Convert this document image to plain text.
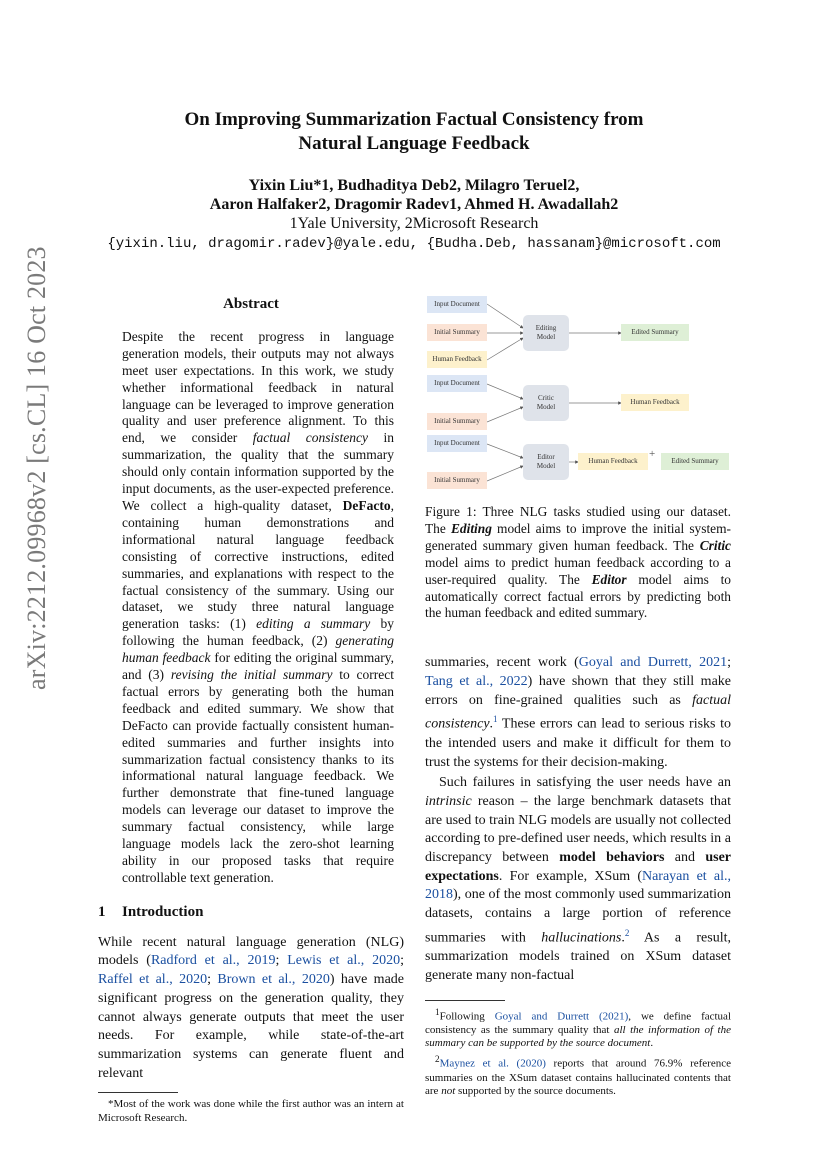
arXiv:2212.09968v2 [cs.CL] 16 Oct 2023
On Improving Summarization Factual Consistency from
Natural Language Feedback
Yixin Liu*1, Budhaditya Deb2, Milagro Teruel2,
Aaron Halfaker2, Dragomir Radev1, Ahmed H. Awadallah2
1Yale University, 2Microsoft Research
{yixin.liu, dragomir.radev}@yale.edu, {Budha.Deb, hassanam}@microsoft.com
Abstract
Despite the recent progress in language generation models, their outputs may not always meet user expectations. In this work, we study whether informational feedback in natural language can be leveraged to improve generation quality and user preference alignment. To this end, we consider factual consistency in summarization, the quality that the summary should only contain information supported by the input documents, as the user-expected preference. We collect a high-quality dataset, DeFacto, containing human demonstrations and informational natural language feedback consisting of corrective instructions, edited summaries, and explanations with respect to the factual consistency of the summary. Using our dataset, we study three natural language generation tasks: (1) editing a summary by following the human feedback, (2) generating human feedback for editing the original summary, and (3) revising the initial summary to correct factual errors by generating both the human feedback and edited summary. We show that DeFacto can provide factually consistent human-edited summaries and further insights into summarization factual consistency thanks to its informational natural language feedback. We further demonstrate that fine-tuned language models can leverage our dataset to improve the summary factual consistency, while large language models lack the zero-shot learning ability in our proposed tasks that require controllable text generation.
1 Introduction
While recent natural language generation (NLG) models (Radford et al., 2019; Lewis et al., 2020; Raffel et al., 2020; Brown et al., 2020) have made significant progress on the generation quality, they cannot always generate outputs that meet the user needs. For example, while state-of-the-art summarization systems can generate fluent and relevant
*Most of the work was done while the first author was an intern at Microsoft Research.
Input Document
Initial Summary
Human Feedback
Editing
Model
Edited Summary
Input Document
Initial Summary
Critic
Model
Human Feedback
Input Document
Initial Summary
Editor
Model
Human Feedback
+
Edited Summary
Figure 1: Three NLG tasks studied using our dataset. The Editing model aims to improve the initial system-generated summary given human feedback. The Critic model aims to predict human feedback according to a user-required quality. The Editor model aims to automatically correct factual errors by predicting both the human feedback and edited summary.
summaries, recent work (Goyal and Durrett, 2021; Tang et al., 2022) have shown that they still make errors on fine-grained qualities such as factual consistency.$^1$ These errors can lead to serious risks to the intended users and make it difficult for them to trust the systems for their decision-making.
Such failures in satisfying the user needs have an intrinsic reason – the large benchmark datasets that are used to train NLG models are usually not collected according to pre-defined user needs, which results in a discrepancy between model behaviors and user expectations. For example, XSum (Narayan et al., 2018), one of the most commonly used summarization datasets, contains a large portion of reference summaries with hallucinations.$^2$ As a result, summarization models trained on XSum dataset generate many non-factual
$^1$Following Goyal and Durrett (2021), we define factual consistency as the summary quality that all the information of the summary can be supported by the source document.
$^2$Maynez et al. (2020) reports that around 76.9% reference summaries on the XSum dataset contains hallucinated contents that are not supported by the source documents.
